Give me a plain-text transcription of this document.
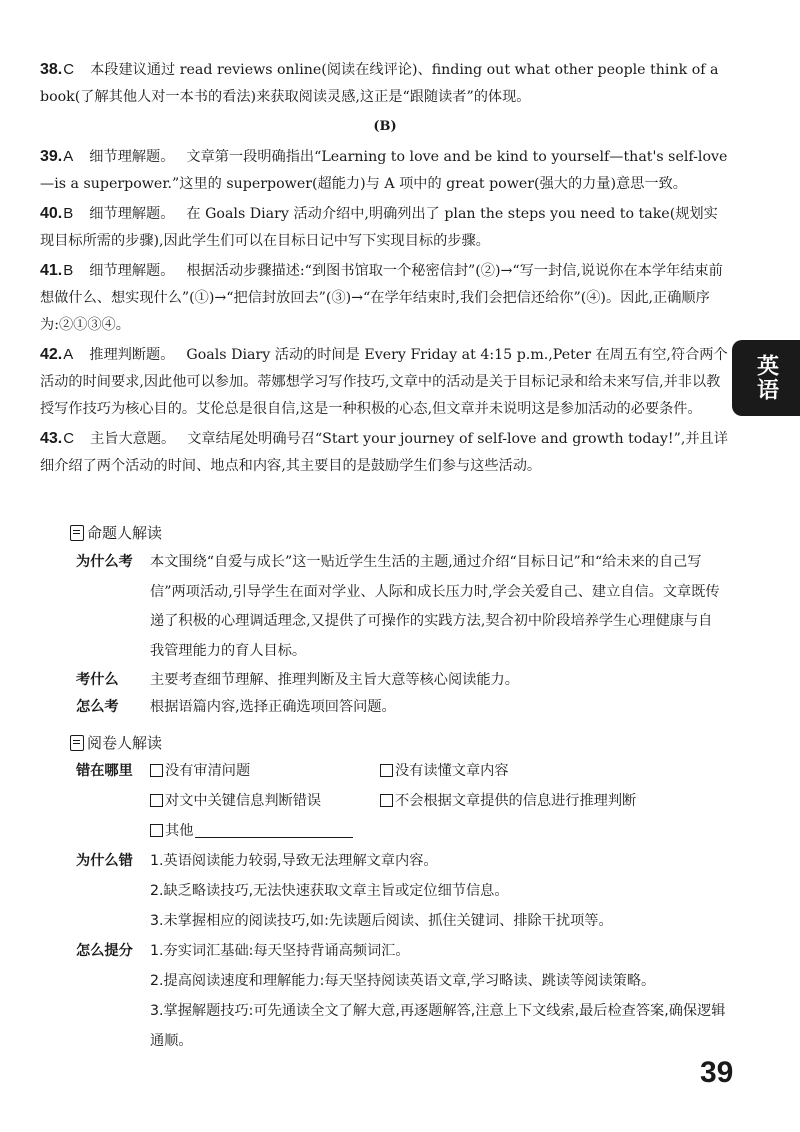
38.C 本段建议通过 read reviews online(阅读在线评论)、finding out what other people think of a book(了解其他人对一本书的看法)来获取阅读灵感,这正是“跟随读者”的体现。

(B)

39.A 细节理解题。 文章第一段明确指出“Learning to love and be kind to yourself—that's self-love—is a superpower.”这里的 superpower(超能力)与 A 项中的 great power(强大的力量)意思一致。

40.B 细节理解题。 在 Goals Diary 活动介绍中,明确列出了 plan the steps you need to take(规划实现目标所需的步骤),因此学生们可以在目标日记中写下实现目标的步骤。

41.B 细节理解题。 根据活动步骤描述:“到图书馆取一个秘密信封”(②)→“写一封信,说说你在本学年结束前想做什么、想实现什么”(①)→“把信封放回去”(③)→“在学年结束时,我们会把信还给你”(④)。因此,正确顺序为:②①③④。

42.A 推理判断题。 Goals Diary 活动的时间是 Every Friday at 4:15 p.m.,Peter 在周五有空,符合两个活动的时间要求,因此他可以参加。蒂娜想学习写作技巧,文章中的活动是关于目标记录和给未来写信,并非以教授写作技巧为核心目的。艾伦总是很自信,这是一种积极的心态,但文章并未说明这是参加活动的必要条件。

43.C 主旨大意题。 文章结尾处明确号召“Start your journey of self-love and growth today!”,并且详细介绍了两个活动的时间、地点和内容,其主要目的是鼓励学生们参与这些活动。

英语
命题人解读
为什么考	本文围绕“自爱与成长”这一贴近学生生活的主题,通过介绍“目标日记”和“给未来的自己写信”两项活动,引导学生在面对学业、人际和成长压力时,学会关爱自己、建立自信。文章既传递了积极的心理调适理念,又提供了可操作的实践方法,契合初中阶段培养学生心理健康与自我管理能力的育人目标。
考什么	主要考查细节理解、推理判断及主旨大意等核心阅读能力。
怎么考	根据语篇内容,选择正确选项回答问题。
阅卷人解读
错在哪里 没有审清问题	没有读懂文章内容
对文中关键信息判断错误	不会根据文章提供的信息进行推理判断
其他
为什么错 1.英语阅读能力较弱,导致无法理解文章内容。
2.缺乏略读技巧,无法快速获取文章主旨或定位细节信息。
3.未掌握相应的阅读技巧,如:先读题后阅读、抓住关键词、排除干扰项等。
怎么提分 1.夯实词汇基础:每天坚持背诵高频词汇。
2.提高阅读速度和理解能力:每天坚持阅读英语文章,学习略读、跳读等阅读策略。
3.掌握解题技巧:可先通读全文了解大意,再逐题解答,注意上下文线索,最后检查答案,确保逻辑通顺。
39
